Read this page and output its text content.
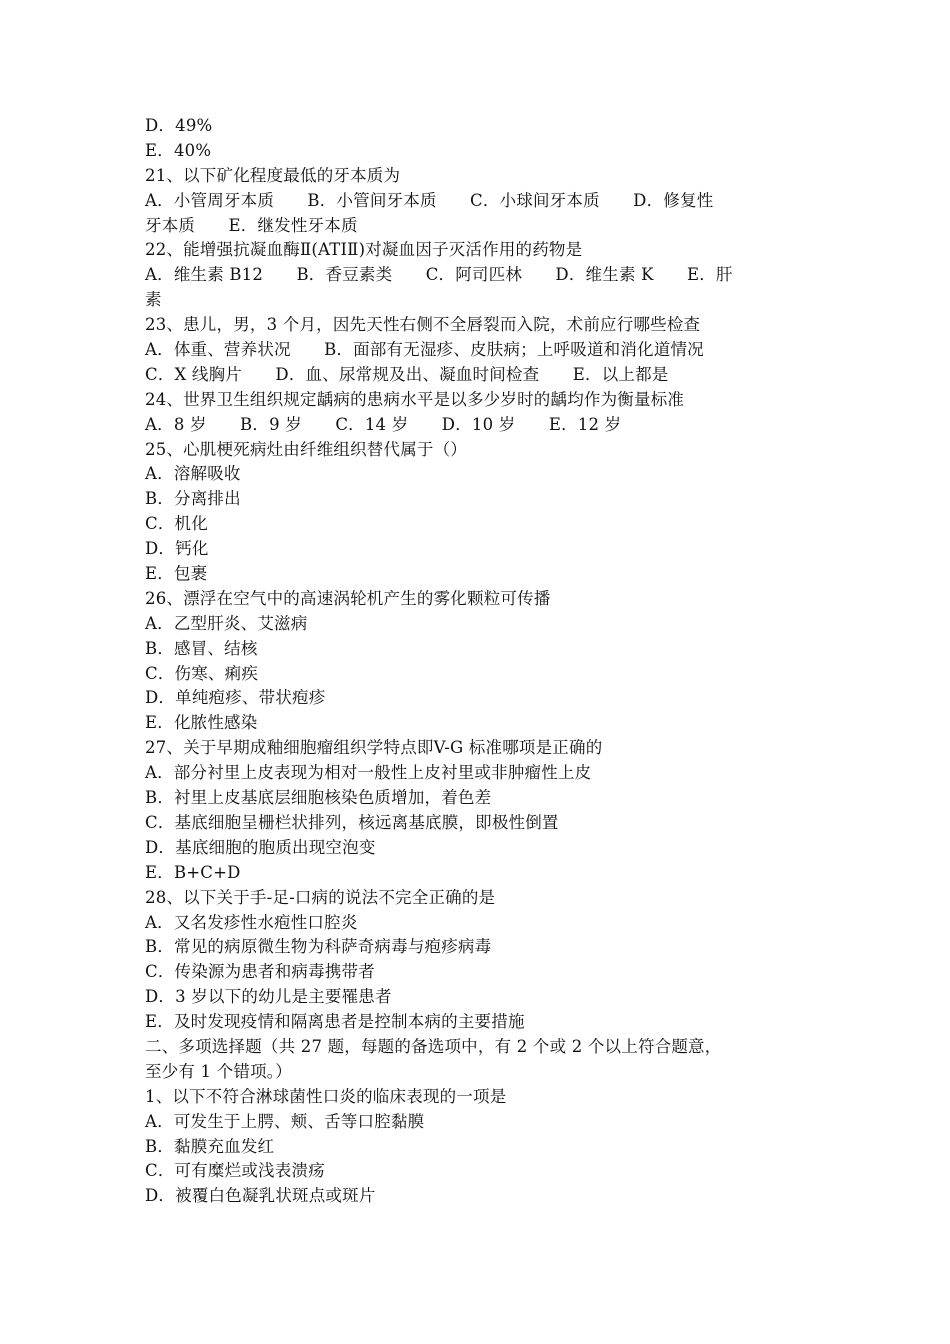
D．49%
E．40%
21、以下矿化程度最低的牙本质为
A．小管周牙本质　　B．小管间牙本质　　C．小球间牙本质　　D．修复性
牙本质　　E．继发性牙本质
22、能增强抗凝血酶Ⅱ(ATIⅡ)对凝血因子灭活作用的药物是
A．维生素 B12　　B．香豆素类　　C．阿司匹林　　D．维生素 K　　E．肝
素
23、患儿，男，3 个月，因先天性右侧不全唇裂而入院，术前应行哪些检查
A．体重、营养状况　　B．面部有无湿疹、皮肤病；上呼吸道和消化道情况
C．X 线胸片　　D．血、尿常规及出、凝血时间检查　　E．以上都是
24、世界卫生组织规定龋病的患病水平是以多少岁时的龋均作为衡量标准
A．8 岁　　B．9 岁　　C．14 岁　　D．10 岁　　E．12 岁
25、心肌梗死病灶由纤维组织替代属于（）
A．溶解吸收
B．分离排出
C．机化
D．钙化
E．包裹
26、漂浮在空气中的高速涡轮机产生的雾化颗粒可传播
A．乙型肝炎、艾滋病
B．感冒、结核
C．伤寒、痢疾
D．单纯疱疹、带状疱疹
E．化脓性感染
27、关于早期成釉细胞瘤组织学特点即V-G 标准哪项是正确的
A．部分衬里上皮表现为相对一般性上皮衬里或非肿瘤性上皮
B．衬里上皮基底层细胞核染色质增加，着色差
C．基底细胞呈栅栏状排列，核远离基底膜，即极性倒置
D．基底细胞的胞质出现空泡变
E．B+C+D
28、以下关于手-足-口病的说法不完全正确的是
A．又名发疹性水疱性口腔炎
B．常见的病原微生物为科萨奇病毒与疱疹病毒
C．传染源为患者和病毒携带者
D．3 岁以下的幼儿是主要罹患者
E．及时发现疫情和隔离患者是控制本病的主要措施
二、多项选择题（共 27 题，每题的备选项中，有 2 个或 2 个以上符合题意，
至少有 1 个错项。）
1、以下不符合淋球菌性口炎的临床表现的一项是
A．可发生于上腭、颊、舌等口腔黏膜
B．黏膜充血发红
C．可有糜烂或浅表溃疡
D．被覆白色凝乳状斑点或斑片
